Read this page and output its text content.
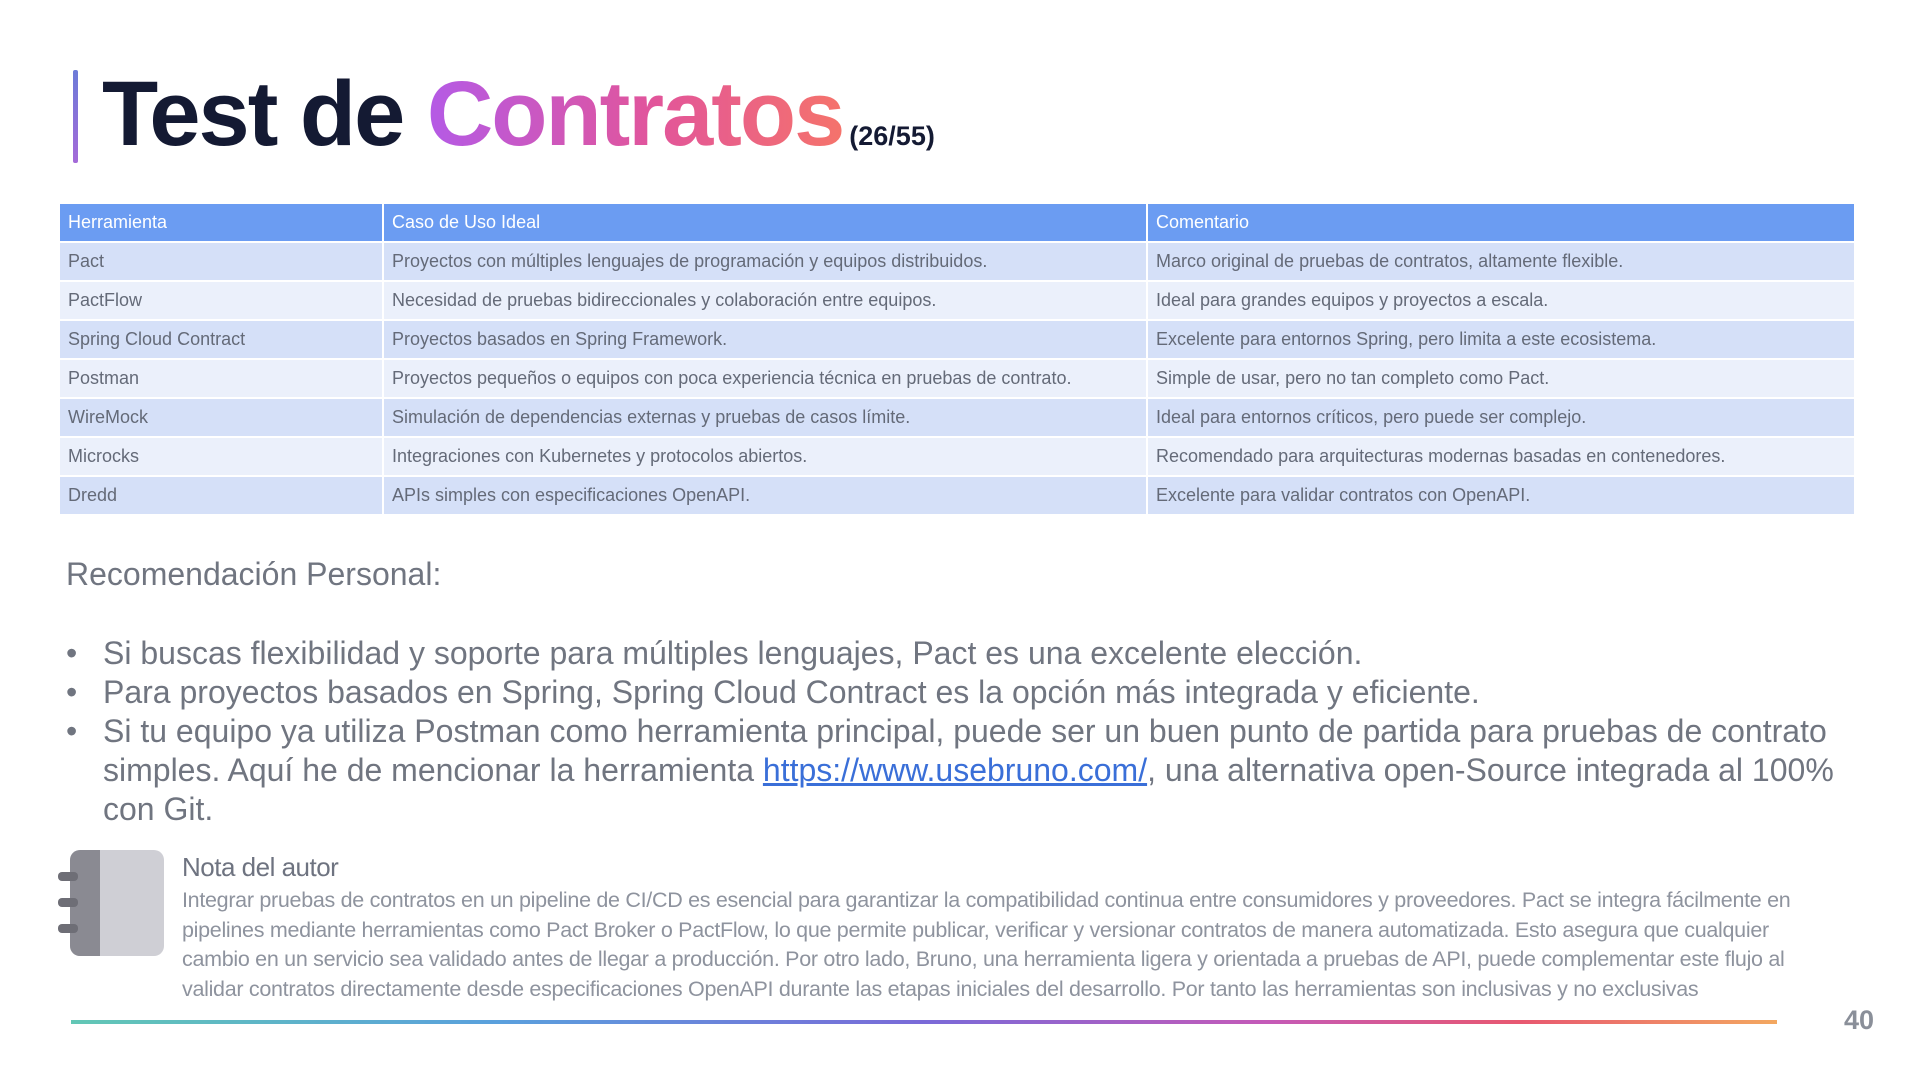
Test de Contratos (26/55)
Herramienta	Caso de Uso Ideal	Comentario
Pact	Proyectos con múltiples lenguajes de programación y equipos distribuidos.	Marco original de pruebas de contratos, altamente flexible.
PactFlow	Necesidad de pruebas bidireccionales y colaboración entre equipos.	Ideal para grandes equipos y proyectos a escala.
Spring Cloud Contract	Proyectos basados en Spring Framework.	Excelente para entornos Spring, pero limita a este ecosistema.
Postman	Proyectos pequeños o equipos con poca experiencia técnica en pruebas de contrato.	Simple de usar, pero no tan completo como Pact.
WireMock	Simulación de dependencias externas y pruebas de casos límite.	Ideal para entornos críticos, pero puede ser complejo.
Microcks	Integraciones con Kubernetes y protocolos abiertos.	Recomendado para arquitecturas modernas basadas en contenedores.
Dredd	APIs simples con especificaciones OpenAPI.	Excelente para validar contratos con OpenAPI.
Recomendación Personal:
• Si buscas flexibilidad y soporte para múltiples lenguajes, Pact es una excelente elección.
• Para proyectos basados en Spring, Spring Cloud Contract es la opción más integrada y eficiente.
• Si tu equipo ya utiliza Postman como herramienta principal, puede ser un buen punto de partida para pruebas de contrato simples. Aquí he de mencionar la herramienta https://www.usebruno.com/, una alternativa open-Source integrada al 100% con Git.
Nota del autor
Integrar pruebas de contratos en un pipeline de CI/CD es esencial para garantizar la compatibilidad continua entre consumidores y proveedores. Pact se integra fácilmente en pipelines mediante herramientas como Pact Broker o PactFlow, lo que permite publicar, verificar y versionar contratos de manera automatizada. Esto asegura que cualquier cambio en un servicio sea validado antes de llegar a producción. Por otro lado, Bruno, una herramienta ligera y orientada a pruebas de API, puede complementar este flujo al validar contratos directamente desde especificaciones OpenAPI durante las etapas iniciales del desarrollo. Por tanto las herramientas son inclusivas y no exclusivas
40
